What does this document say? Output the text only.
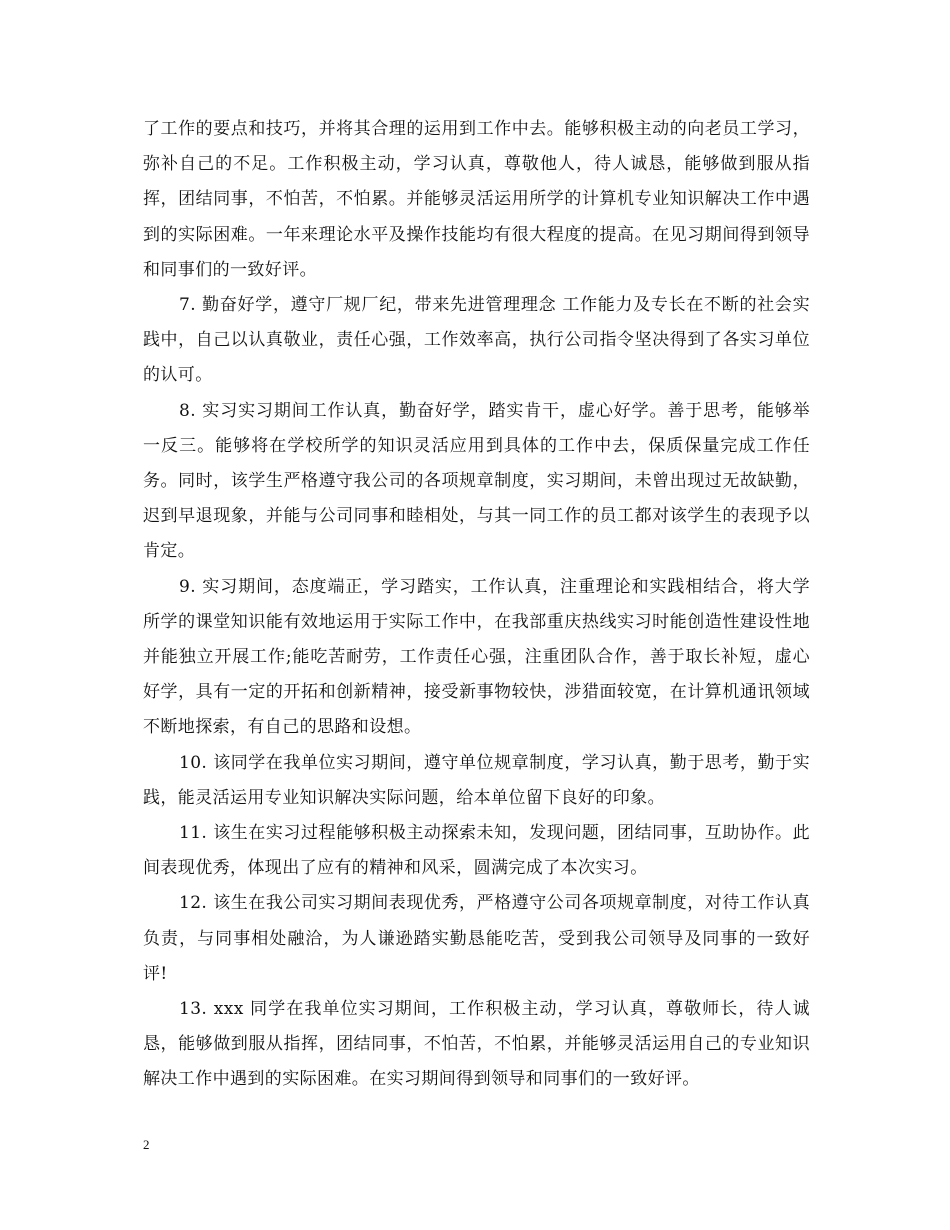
了工作的要点和技巧，并将其合理的运用到工作中去。能够积极主动的向老员工学习，弥补自己的不足。工作积极主动，学习认真，尊敬他人，待人诚恳，能够做到服从指挥，团结同事，不怕苦，不怕累。并能够灵活运用所学的计算机专业知识解决工作中遇到的实际困难。一年来理论水平及操作技能均有很大程度的提高。在见习期间得到领导和同事们的一致好评。

7. 勤奋好学，遵守厂规厂纪，带来先进管理理念 工作能力及专长在不断的社会实践中，自己以认真敬业，责任心强，工作效率高，执行公司指令坚决得到了各实习单位的认可。

8. 实习实习期间工作认真，勤奋好学，踏实肯干，虚心好学。善于思考，能够举一反三。能够将在学校所学的知识灵活应用到具体的工作中去，保质保量完成工作任务。同时，该学生严格遵守我公司的各项规章制度，实习期间，未曾出现过无故缺勤，迟到早退现象，并能与公司同事和睦相处，与其一同工作的员工都对该学生的表现予以肯定。

9. 实习期间，态度端正，学习踏实，工作认真，注重理论和实践相结合，将大学所学的课堂知识能有效地运用于实际工作中，在我部重庆热线实习时能创造性建设性地并能独立开展工作;能吃苦耐劳，工作责任心强，注重团队合作，善于取长补短，虚心好学，具有一定的开拓和创新精神，接受新事物较快，涉猎面较宽，在计算机通讯领域不断地探索，有自己的思路和设想。

10. 该同学在我单位实习期间，遵守单位规章制度，学习认真，勤于思考，勤于实践，能灵活运用专业知识解决实际问题，给本单位留下良好的印象。

11. 该生在实习过程能够积极主动探索未知，发现问题，团结同事，互助协作。此间表现优秀，体现出了应有的精神和风采，圆满完成了本次实习。

12. 该生在我公司实习期间表现优秀，严格遵守公司各项规章制度，对待工作认真负责，与同事相处融洽，为人谦逊踏实勤恳能吃苦，受到我公司领导及同事的一致好评!

13. xxx 同学在我单位实习期间，工作积极主动，学习认真，尊敬师长，待人诚恳，能够做到服从指挥，团结同事，不怕苦，不怕累，并能够灵活运用自己的专业知识解决工作中遇到的实际困难。在实习期间得到领导和同事们的一致好评。

2
